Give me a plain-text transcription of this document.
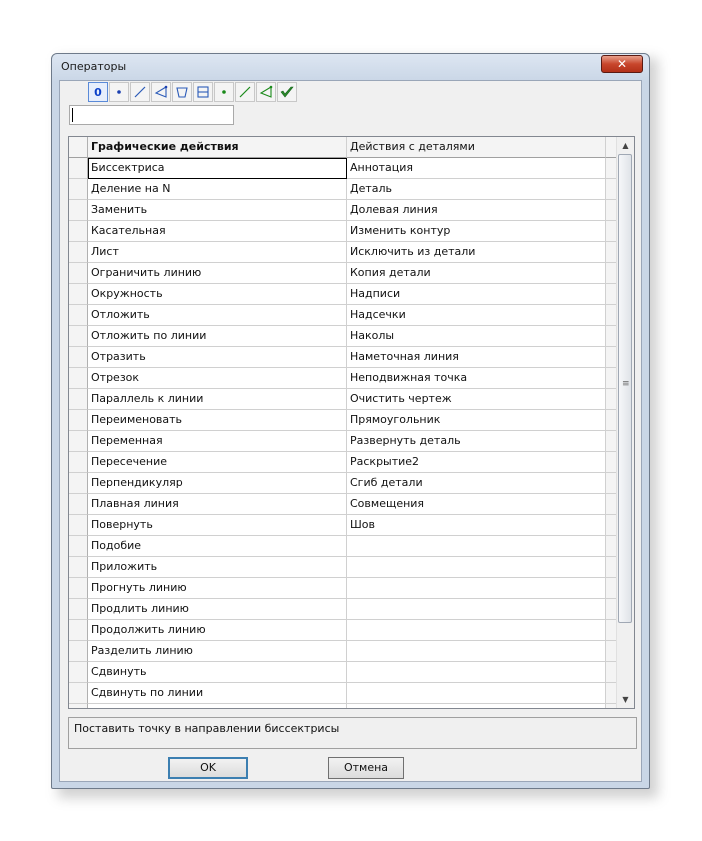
Операторы	✕
0
Графические действия	Действия с деталями
Биссектриса	Аннотация
Деление на N	Деталь
Заменить	Долевая линия
Касательная	Изменить контур
Лист	Исключить из детали
Ограничить линию	Копия детали
Окружность	Надписи
Отложить	Надсечки
Отложить по линии	Наколы
Отразить	Наметочная линия
Отрезок	Неподвижная точка
Параллель к линии	Очистить чертеж
Переименовать	Прямоугольник
Переменная	Развернуть деталь
Пересечение	Раскрытие2
Перпендикуляр	Сгиб детали
Плавная линия	Совмещения
Повернуть	Шов
Подобие
Приложить
Прогнуть линию
Продлить линию
Продолжить линию
Разделить линию
Сдвинуть
Сдвинуть по линии
▲
≡
▼
Поставить точку в направлении биссектрисы
OK	Отмена
